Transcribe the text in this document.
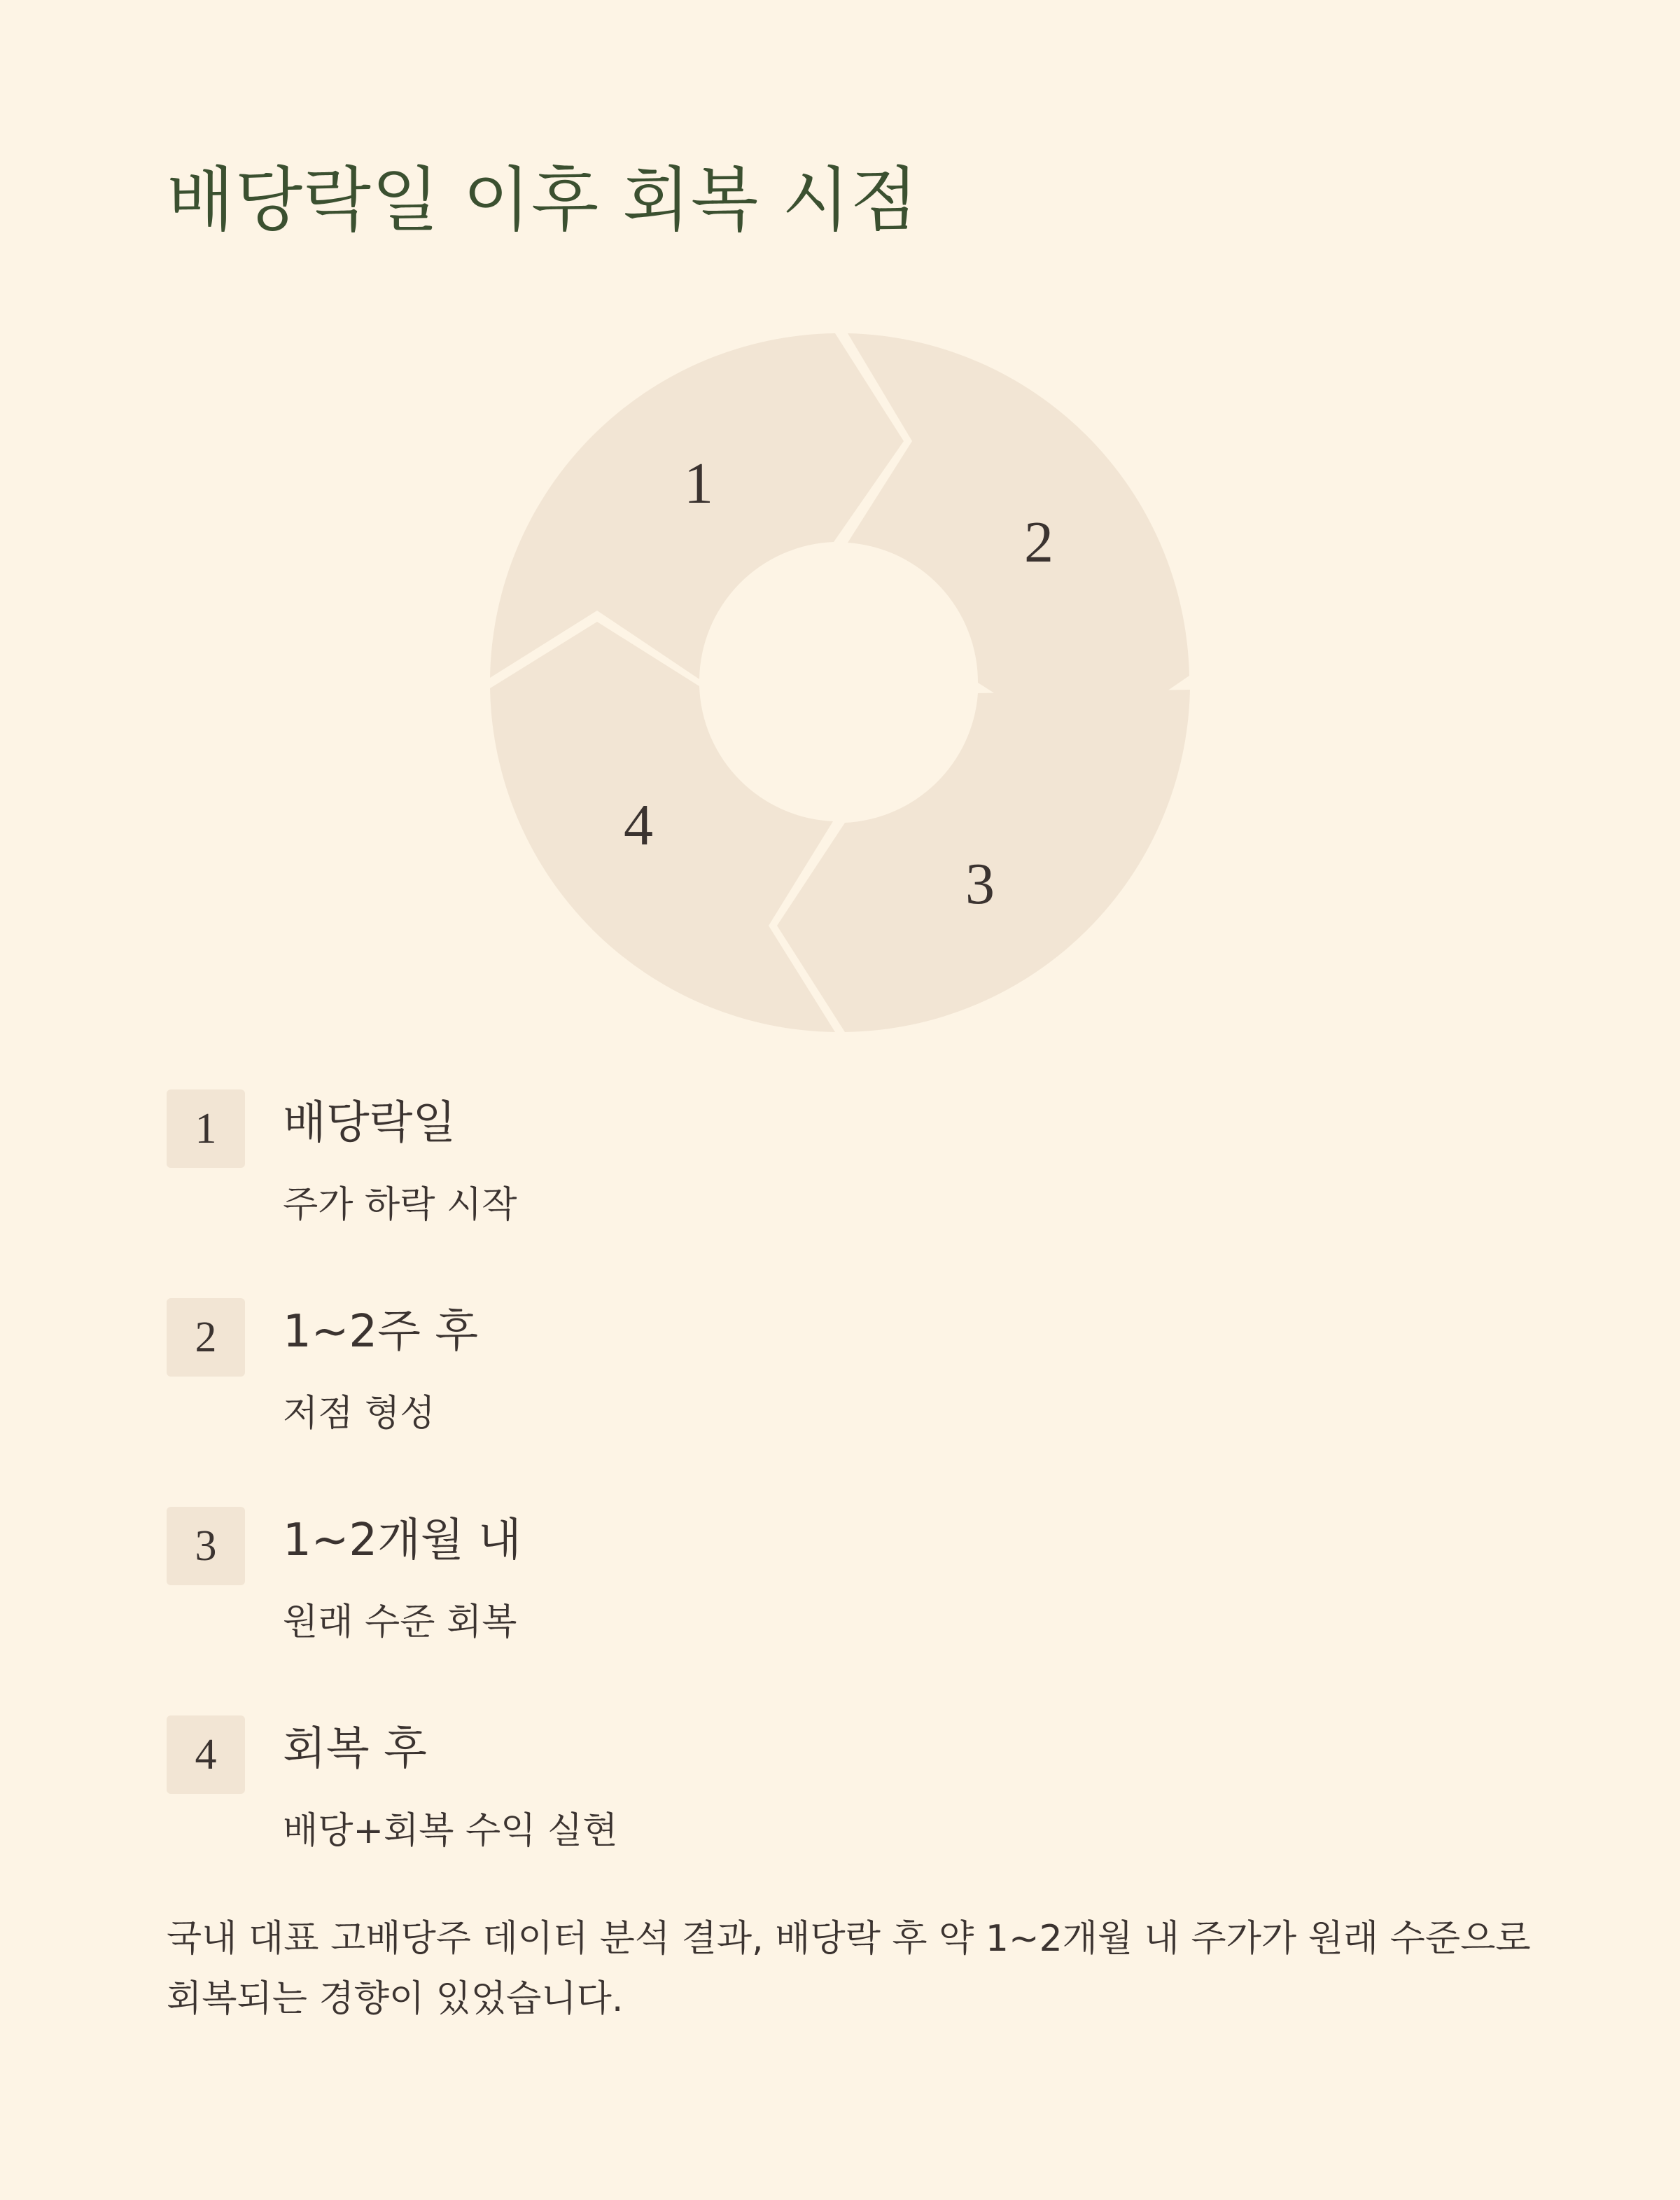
배당락일 이후 회복 시점
1
2
3
4
1	배당락일
주가 하락 시작
2	1~2주 후
저점 형성
3	1~2개월 내
원래 수준 회복
4	회복 후
배당+회복 수익 실현

국내 대표 고배당주 데이터 분석 결과, 배당락 후 약 1~2개월 내 주가가 원래 수준으로 회복되는 경향이 있었습니다.
